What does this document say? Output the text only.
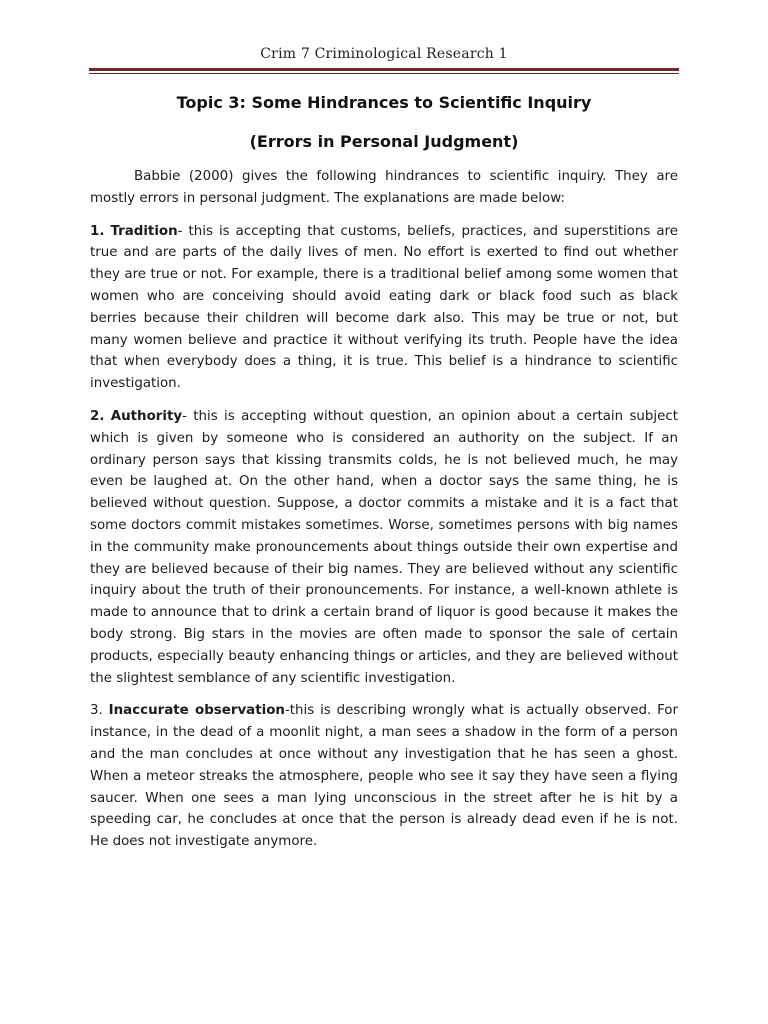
Crim 7 Criminological Research 1
Topic 3: Some Hindrances to Scientific Inquiry
(Errors in Personal Judgment)

Babbie (2000) gives the following hindrances to scientific inquiry. They are mostly errors in personal judgment. The explanations are made below:

1. Tradition- this is accepting that customs, beliefs, practices, and superstitions are true and are parts of the daily lives of men. No effort is exerted to find out whether they are true or not. For example, there is a traditional belief among some women that women who are conceiving should avoid eating dark or black food such as black berries because their children will become dark also. This may be true or not, but many women believe and practice it without verifying its truth. People have the idea that when everybody does a thing, it is true. This belief is a hindrance to scientific investigation.

2. Authority- this is accepting without question, an opinion about a certain subject which is given by someone who is considered an authority on the subject. If an ordinary person says that kissing transmits colds, he is not believed much, he may even be laughed at. On the other hand, when a doctor says the same thing, he is believed without question. Suppose, a doctor commits a mistake and it is a fact that some doctors commit mistakes sometimes. Worse, sometimes persons with big names in the community make pronouncements about things outside their own expertise and they are believed because of their big names. They are believed without any scientific inquiry about the truth of their pronouncements. For instance, a well-known athlete is made to announce that to drink a certain brand of liquor is good because it makes the body strong. Big stars in the movies are often made to sponsor the sale of certain products, especially beauty enhancing things or articles, and they are believed without the slightest semblance of any scientific investigation.

3. Inaccurate observation-this is describing wrongly what is actually observed. For instance, in the dead of a moonlit night, a man sees a shadow in the form of a person and the man concludes at once without any investigation that he has seen a ghost. When a meteor streaks the atmosphere, people who see it say they have seen a flying saucer. When one sees a man lying unconscious in the street after he is hit by a speeding car, he concludes at once that the person is already dead even if he is not. He does not investigate anymore.
